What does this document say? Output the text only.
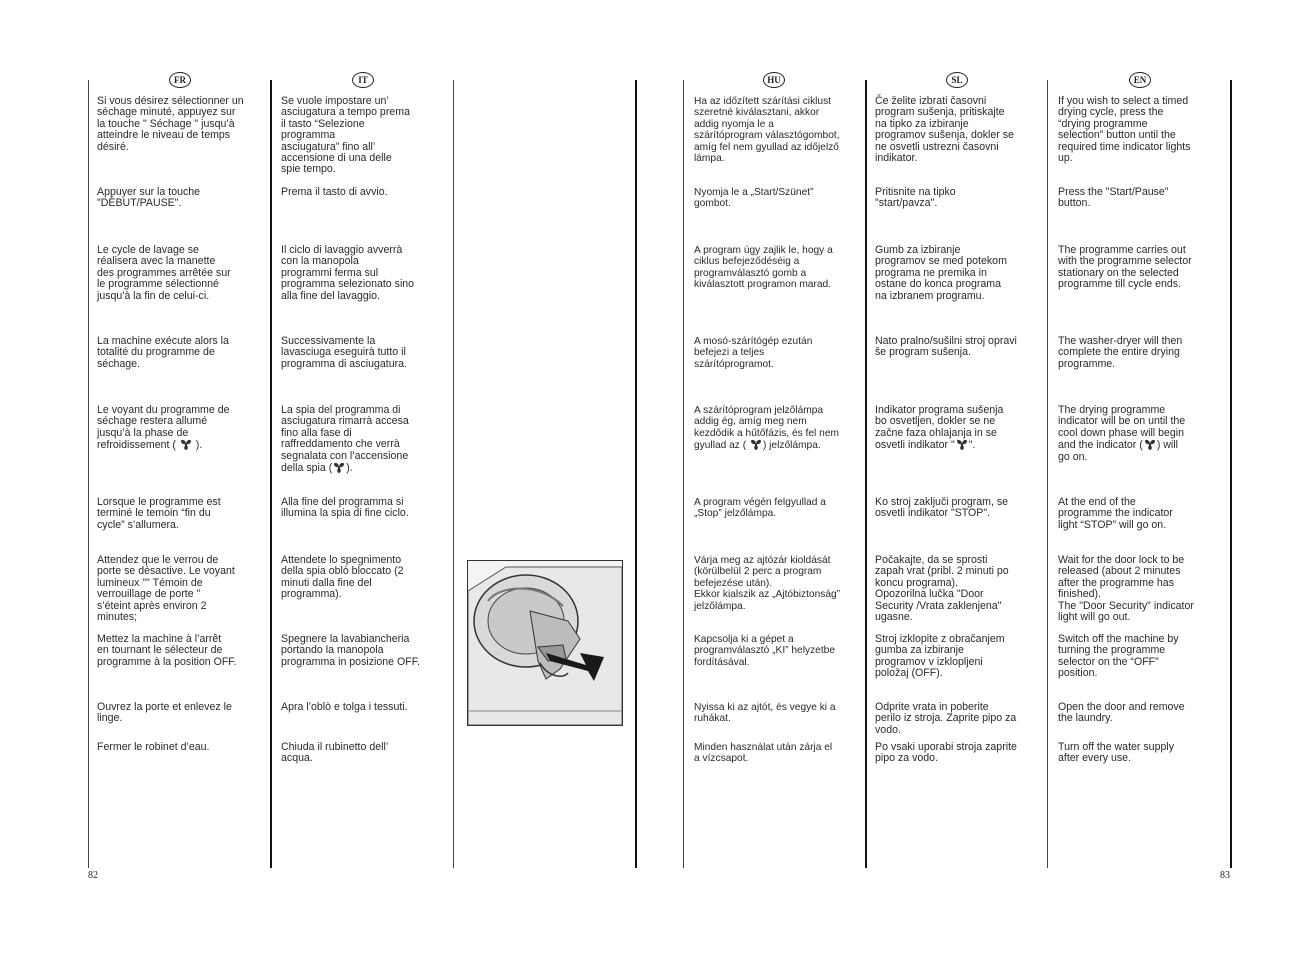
FR	IT	HU	SL	EN
Si vous désirez sélectionner un
séchage minuté, appuyez sur
la touche " Séchage " jusqu’à
atteindre le niveau de temps
désiré.
Appuyer sur la touche
"DÉBUT/PAUSE".
Le cycle de lavage se
réalisera avec la manette
des programmes arrêtée sur
le programme sélectionné
jusqu'à la fin de celui-ci.
La machine exécute alors la
totalité du programme de
séchage.
Le voyant du programme de
séchage restera allumé
jusqu’à la phase de
refroidissement (  ).
Lorsque le programme est
terminé le temoin “fin du
cycle” s’allumera.
Attendez que le verrou de
porte se désactive. Le voyant
lumineux "" Témoin de
verrouillage de porte "
s’éteint après environ 2
minutes;
Mettez la machine à l’arrêt
en tournant le sélecteur de
programme à la position OFF.
Ouvrez la porte et enlevez le
linge.
Fermer le robinet d’eau.
Se vuole impostare un’
asciugatura a tempo prema
il tasto “Selezione
programma
asciugatura” fino all’
accensione di una delle
spie tempo.
Prema il tasto di avvio.
Il ciclo di lavaggio avverrà
con la manopola
programmi ferma sul
programma selezionato sino
alla fine del lavaggio.
Successivamente la
lavasciuga eseguirà tutto il
programma di asciugatura.
La spia del programma di
asciugatura rimarrà accesa
fino alla fase di
raffreddamento che verrà
segnalata con l’accensione
della spia ( ).
Alla fine del programma si
illumina la spia di fine ciclo.
Attendete lo spegnimento
della spia oblò bloccato (2
minuti dalla fine del
programma).
Spegnere la lavabiancheria
portando la manopola
programma in posizione OFF.
Apra l’oblò e tolga i tessuti.
Chiuda il rubinetto dell’
acqua.
Ha az időzített szárítási ciklust
szeretné kiválasztani, akkor
addig nyomja le a
szárítóprogram választógombot,
amíg fel nem gyullad az időjelző
lámpa.
Nyomja le a „Start/Szünet”
gombot.
A program úgy zajlik le, hogy a
ciklus befejeződéséig a
programválasztó gomb a
kiválasztott programon marad.
A mosó-szárítógép ezután
befejezi a teljes
szárítóprogramot.
A szárítóprogram jelzőlámpa
addig ég, amíg meg nem
kezdődik a hűtőfázis, és fel nem
gyullad az ( ) jelzőlámpa.
A program végén felgyullad a
„Stop” jelzőlámpa.
Várja meg az ajtózár kioldását
(körülbelül 2 perc a program
befejezése után).
Ekkor kialszik az „Ajtóbiztonság”
jelzőlámpa.
Kapcsolja ki a gépet a
programválasztó „KI” helyzetbe
fordításával.
Nyissa ki az ajtót, és vegye ki a
ruhákat.
Minden használat után zárja el
a vízcsapot.
Če želite izbrati časovni
program sušenja, pritiskajte
na tipko za izbiranje
programov sušenja, dokler se
ne osvetli ustrezni časovni
indikator.
Pritisnite na tipko
"start/pavza".
Gumb za izbiranje
programov se med potekom
programa ne premika in
ostane do konca programa
na izbranem programu.
Nato pralno/sušilni stroj opravi
še program sušenja.
Indikator programa sušenja
bo osvetljen, dokler se ne
začne faza ohlajanja in se
osvetli indikator " ".
Ko stroj zaključi program, se
osvetli indikator "STOP".
Počakajte, da se sprosti
zapah vrat (pribl. 2 minuti po
koncu programa).
Opozorilna lučka "Door
Security /Vrata zaklenjena"
ugasne.
Stroj izklopite z obračanjem
gumba za izbiranje
programov v izklopljeni
položaj (OFF).
Odprite vrata in poberite
perilo iz stroja. Zaprite pipo za
vodo.
Po vsaki uporabi stroja zaprite
pipo za vodo.
If you wish to select a timed
drying cycle, press the
“drying programme
selection” button until the
required time indicator lights
up.
Press the "Start/Pause"
button.
The programme carries out
with the programme selector
stationary on the selected
programme till cycle ends.
The washer-dryer will then
complete the entire drying
programme.
The drying programme
indicator will be on until the
cool down phase will begin
and the indicator ( ) will
go on.
At the end of the
programme the indicator
light “STOP” will go on.
Wait for the door lock to be
released (about 2 minutes
after the programme has
finished).
The "Door Security" indicator
light will go out.
Switch off the machine by
turning the programme
selector on the “OFF”
position.
Open the door and remove
the laundry.
Turn off the water supply
after every use.
82	83
